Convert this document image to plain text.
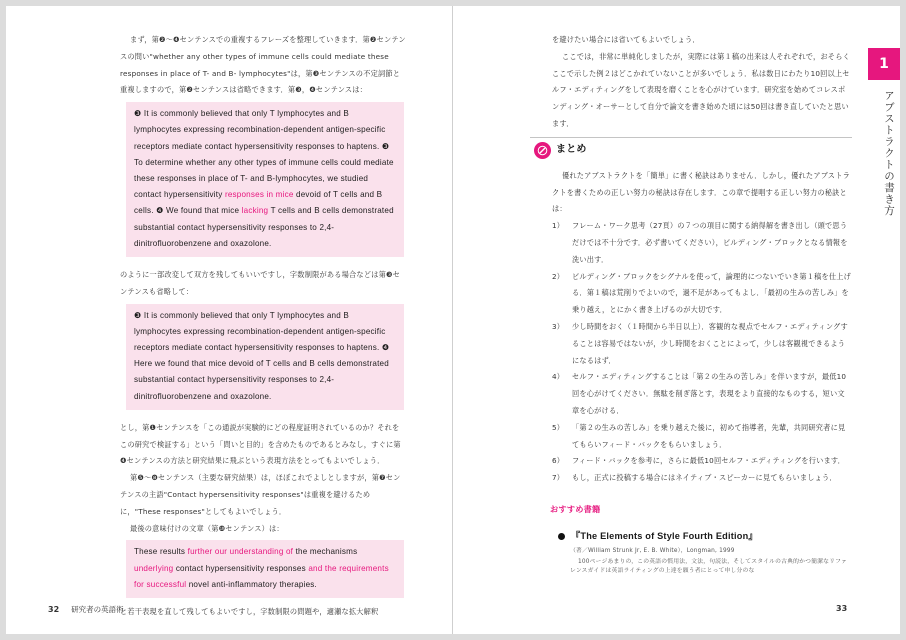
まず，第❷～❹センテンスでの重複するフレーズを整理していきます．第❷センテンスの問い"whether any other types of immune cells could mediate these responses in place of T- and B- lymphocytes"は，第❸センテンスの不定詞節と重複しますので，第❷センテンスは省略できます．第❸，❹センテンスは：

❸ It is commonly believed that only T lymphocytes and B lymphocytes expressing recombination-dependent antigen-specific receptors mediate contact hypersensitivity responses to haptens. ❸ To determine whether any other types of immune cells could mediate these responses in place of T- and B-lymphocytes, we studied contact hypersensitivity responses in mice devoid of T cells and B cells. ❹ We found that mice lacking T cells and B cells demonstrated substantial contact hypersensitivity responses to 2,4-dinitrofluorobenzene and oxazolone.

のように一部改変して双方を残してもいいですし，字数制限がある場合などは第❸センテンスも省略して：

❸ It is commonly believed that only T lymphocytes and B lymphocytes expressing recombination-dependent antigen-specific receptors mediate contact hypersensitivity responses to haptens. ❹ Here we found that mice devoid of T cells and B cells demonstrated substantial contact hypersensitivity responses to 2,4-dinitrofluorobenzene and oxazolone.

とし，第❶センテンスを「この通説が実験的にどの程度証明されているのか？それをこの研究で検証する」という「問いと目的」を含めたものであるとみなし，すぐに第❹センテンスの方法と研究結果に飛ぶという表現方法をとってもよいでしょう．

第❺～❽センテンス（主要な研究結果）は，ほぼこれでよしとしますが，第❼センテンスの主語"Contact hypersensitivity responses"は重複を避けるために，"These responses"としてもよいでしょう．

最後の意味付けの文章（第❿センテンス）は：

These results further our understanding of the mechanisms underlying contact hypersensitivity responses and the requirements for successful novel anti-inflammatory therapies.

と若干表現を直して残してもよいですし，字数制限の問題や，適瀬な拡大解釈

32 研究者の英語術

を避けたい場合には省いてもよいでしょう．

ここでは，非常に単純化しましたが，実際には第１稿の出来は人それぞれで，おそらくここで示した例２はどこかれていないことが多いでしょう．私は数日にわたり10回以上セルフ・エディティングをして表現を磨くことを心がけています．研究室を始めてコレスポンディング・オーサーとして自分で論文を書き始めた頃には50回は書き直していたと思います．

まとめ

優れたアブストラクトを「簡単」に書く秘訣はありません．しかし，優れたアブストラクトを書くための正しい努力の秘訣は存在します．この章で提唱する正しい努力の秘訣とは：

1）	フレーム・ワーク思考（27頁）の７つの項目に関する納得解を書き出し（頭で思うだけでは不十分です．必ず書いてください），ビルディング・ブロックとなる情報を洗い出す．
2）	ビルディング・ブロックをシグナルを使って，論理的につないでいき第１稿を仕上げる．第１稿は荒削りでよいので，過不足があってもよし．「最初の生みの苦しみ」を乗り越え，とにかく書き上げるのが大切です．
3）	少し時間をおく（１時間から半日以上）．客観的な視点でセルフ・エディティングすることは容易ではないが，少し時間をおくことによって，少しは客観視できるようになるはず．
4）	セルフ・エディティングすることは「第２の生みの苦しみ」を伴いますが，最低10回を心がけてください．無駄を削ぎ落とす，表現をより直接的なものする，短い文章を心がける．
5）	「第２の生みの苦しみ」を乗り越えた後に，初めて指導者，先輩，共同研究者に見てもらいフィード・バックをもらいましょう．
6）	フィード・バックを参考に，さらに最低10回セルフ・エディティングを行います．
7）	もし，正式に投稿する場合にはネイティブ・スピーカーに見てもらいましょう．
おすすめ書籍
『The Elements of Style Fourth Edition』
（著／William Strunk Jr, E. B. White），Longman, 1999
100ページあまりの，この英語の慣用法，文法，句読法，そしてスタイルの古典的かつ簡潔なリファレンスガイドは英語ライティングの上達を願う者にとって申し分のな
1
アブストラクトの書き方
33
